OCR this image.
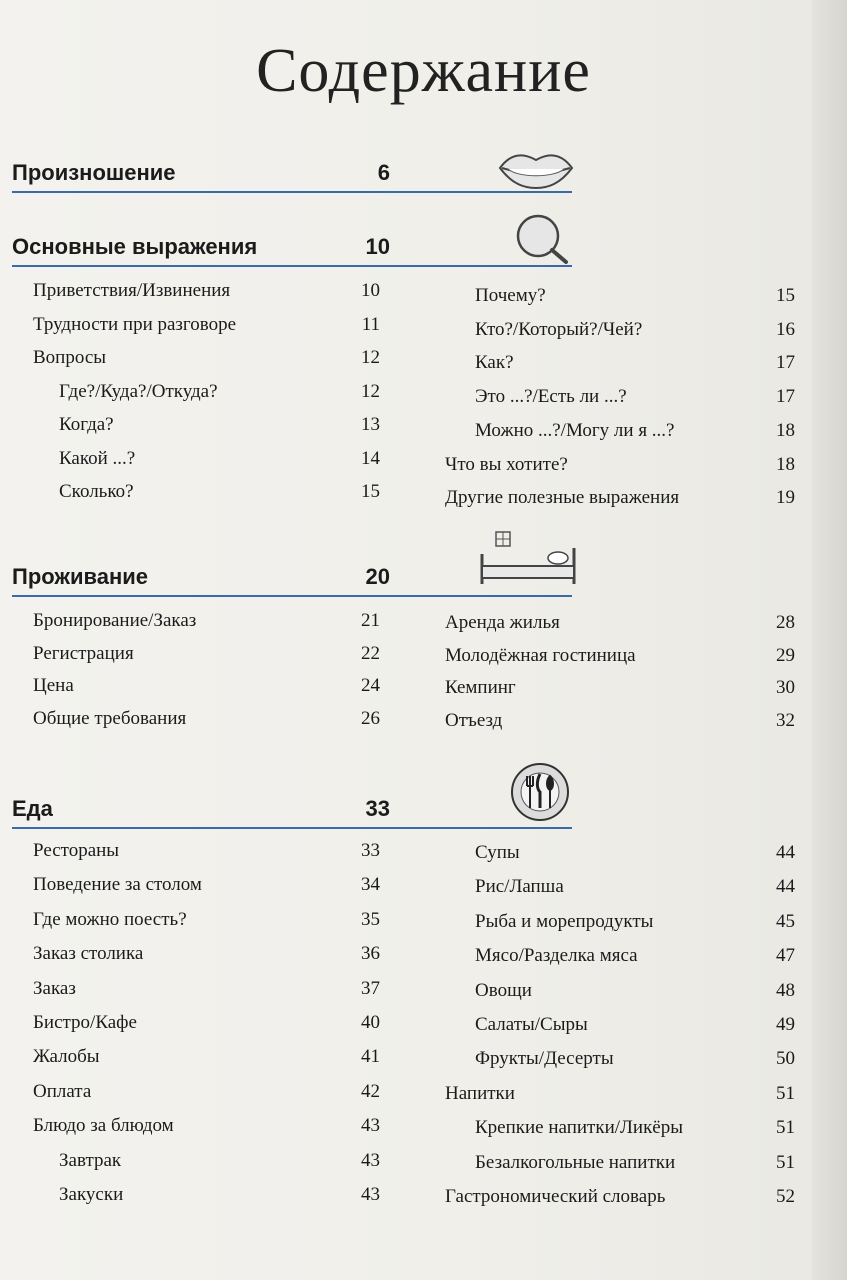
Содержание
Произношение	6
Основные выражения	10
Приветствия/Извинения	10
Трудности при разговоре	11
Вопросы	12
Где?/Куда?/Откуда?	12
Когда?	13
Какой ...?	14
Сколько?	15
Почему?	15
Кто?/Который?/Чей?	16
Как?	17
Это ...?/Есть ли ...?	17
Можно ...?/Могу ли я ...?	18
Что вы хотите?	18
Другие полезные выражения	19
Проживание	20
Бронирование/Заказ	21
Регистрация	22
Цена	24
Общие требования	26
Аренда жилья	28
Молодёжная гостиница	29
Кемпинг	30
Отъезд	32
Еда	33
Рестораны	33
Поведение за столом	34
Где можно поесть?	35
Заказ столика	36
Заказ	37
Бистро/Кафе	40
Жалобы	41
Оплата	42
Блюдо за блюдом	43
Завтрак	43
Закуски	43
Супы	44
Рис/Лапша	44
Рыба и морепродукты	45
Мясо/Разделка мяса	47
Овощи	48
Салаты/Сыры	49
Фрукты/Десерты	50
Напитки	51
Крепкие напитки/Ликёры	51
Безалкогольные напитки	51
Гастрономический словарь	52
